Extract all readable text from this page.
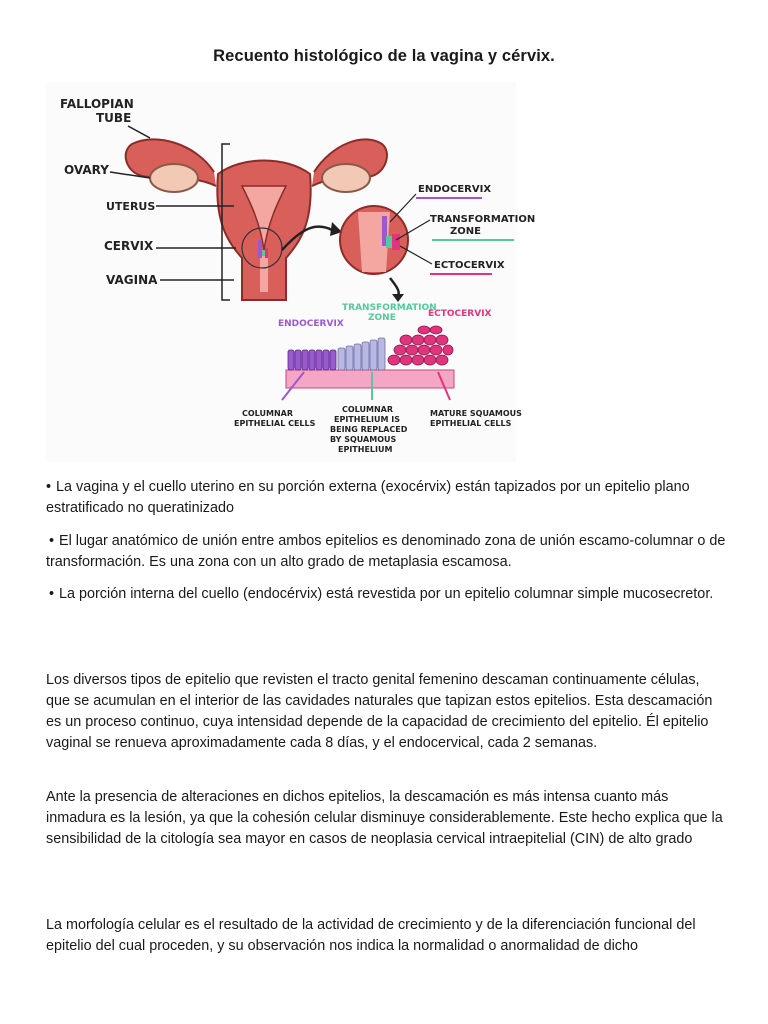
Recuento histológico de la vagina y cérvix.
FALLOPIAN
TUBE
OVARY
UTERUS
CERVIX
VAGINA
ENDOCERVIX
TRANSFORMATION
ZONE
ECTOCERVIX
ENDOCERVIX
TRANSFORMATION
ZONE	ECTOCERVIX
COLUMNAR
EPITHELIAL CELLS
COLUMNAR
EPITHELIUM IS
BEING REPLACED
BY SQUAMOUS
EPITHELIUM
MATURE SQUAMOUS
EPITHELIAL CELLS

• La vagina y el cuello uterino en su porción externa (exocérvix) están tapizados por un epitelio plano estratificado no queratinizado

• El lugar anatómico de unión entre ambos epitelios es denominado zona de unión escamo-columnar o de transformación. Es una zona con un alto grado de metaplasia escamosa.

• La porción interna del cuello (endocérvix) está revestida por un epitelio columnar simple mucosecretor.

Los diversos tipos de epitelio que revisten el tracto genital femenino descaman continuamente células, que se acumulan en el interior de las cavidades naturales que tapizan estos epitelios. Esta descamación es un proceso continuo, cuya intensidad depende de la capacidad de crecimiento del epitelio. Él epitelio vaginal se renueva aproximadamente cada 8 días, y el endocervical, cada 2 semanas.

Ante la presencia de alteraciones en dichos epitelios, la descamación es más intensa cuanto más inmadura es la lesión, ya que la cohesión celular disminuye considerablemente. Este hecho explica que la sensibilidad de la citología sea mayor en casos de neoplasia cervical intraepitelial (CIN) de alto grado

La morfología celular es el resultado de la actividad de crecimiento y de la diferenciación funcional del epitelio del cual proceden, y su observación nos indica la normalidad o anormalidad de dicho
